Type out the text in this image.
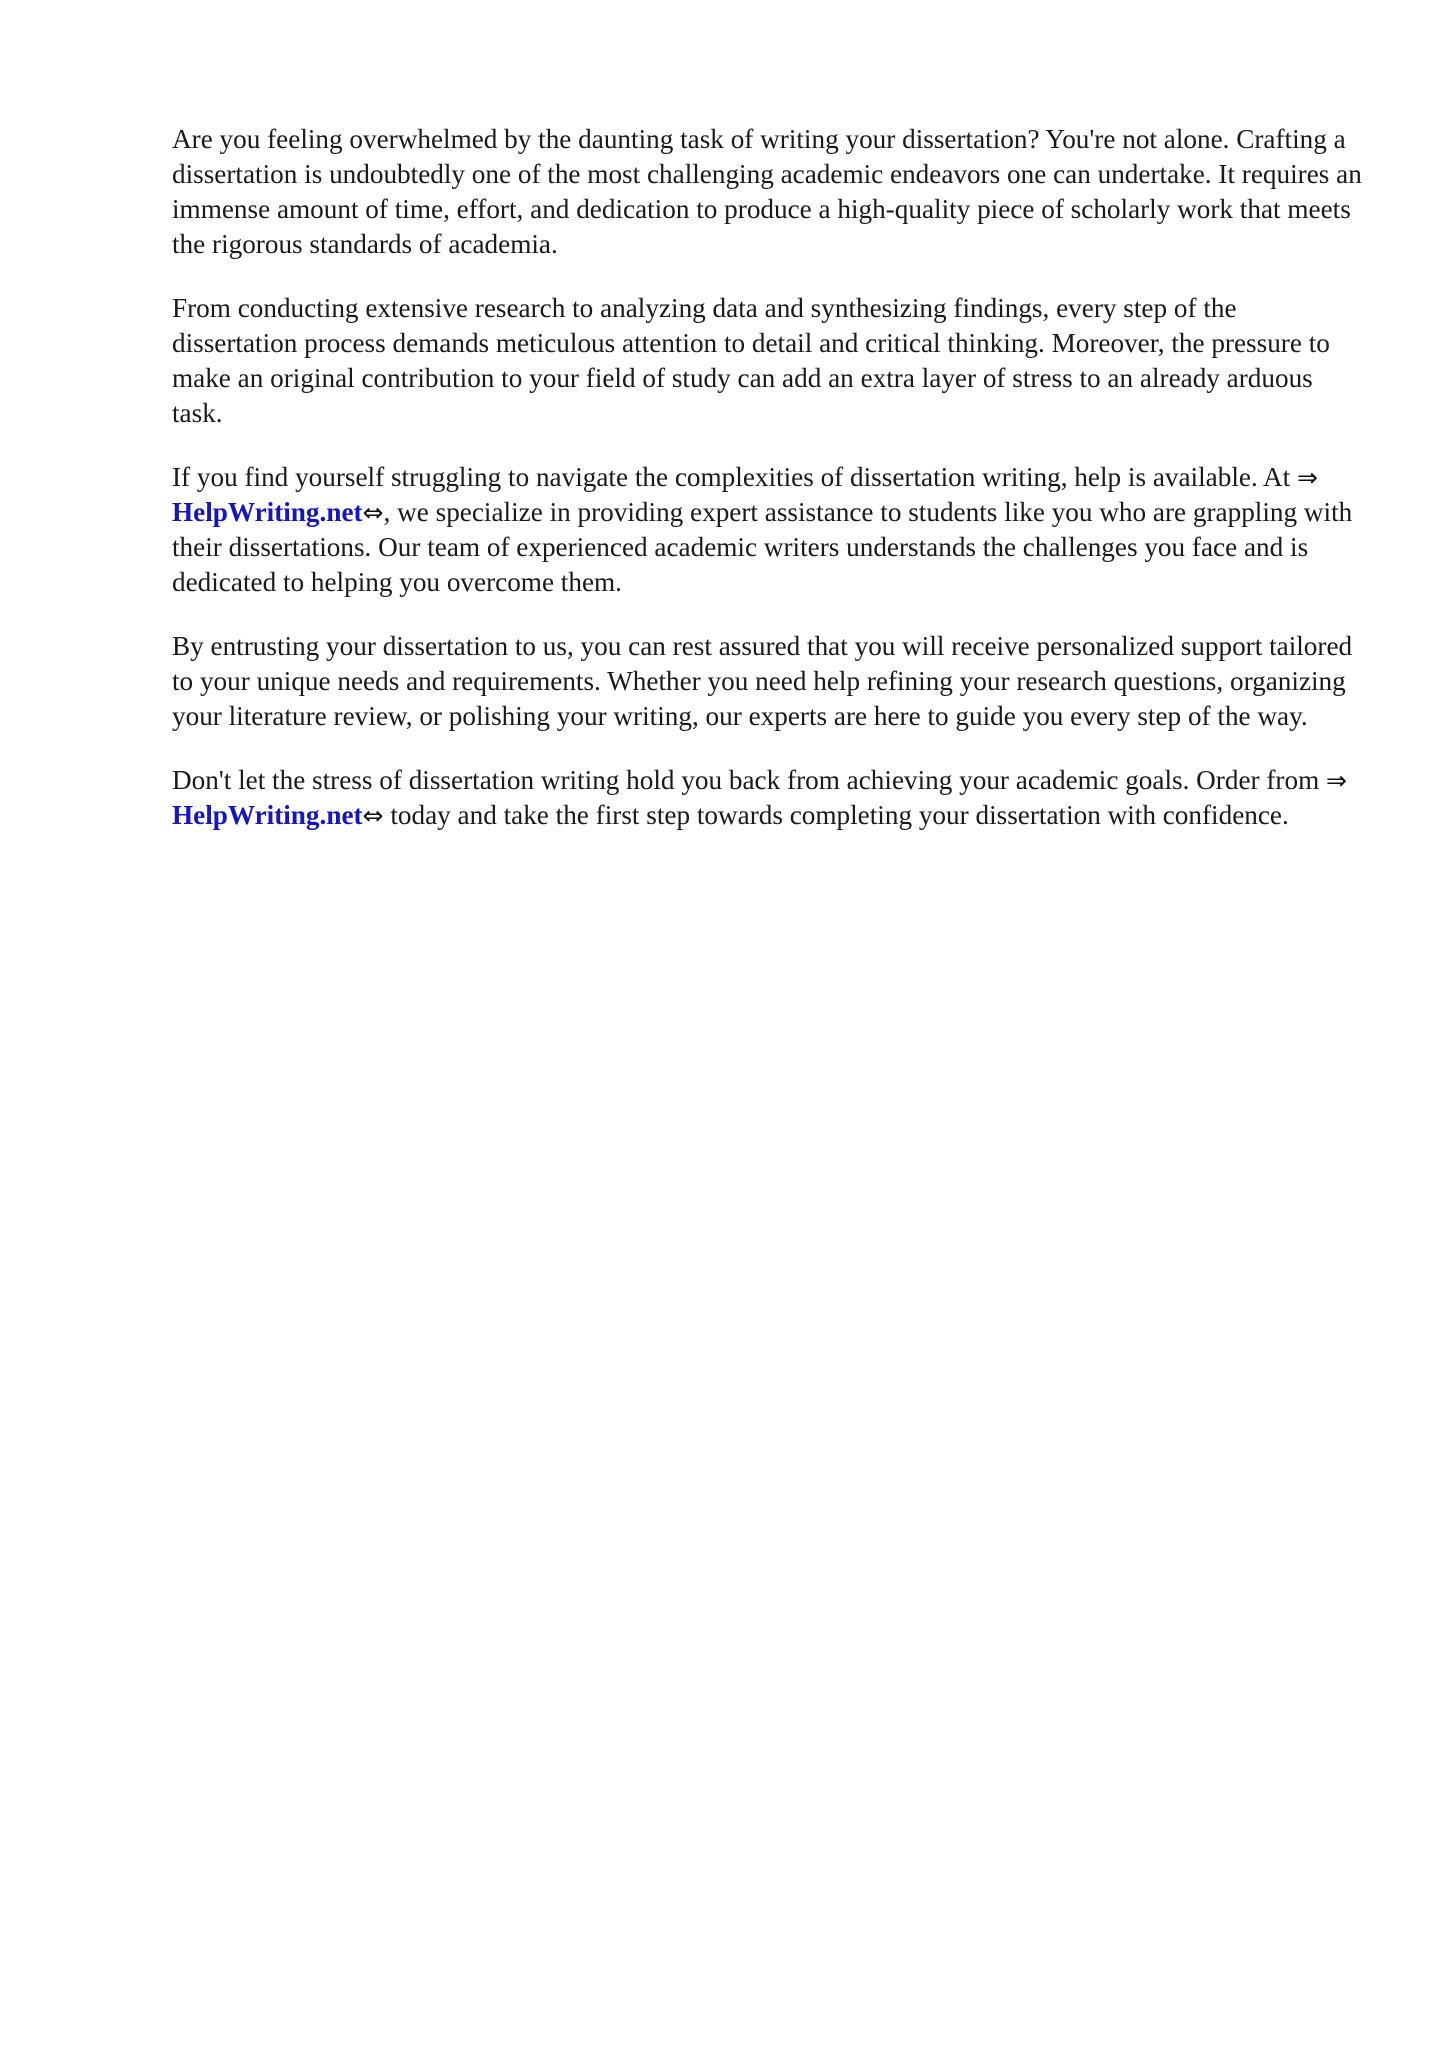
Are you feeling overwhelmed by the daunting task of writing your dissertation? You're not alone. Crafting a dissertation is undoubtedly one of the most challenging academic endeavors one can undertake. It requires an immense amount of time, effort, and dedication to produce a high-quality piece of scholarly work that meets the rigorous standards of academia.

From conducting extensive research to analyzing data and synthesizing findings, every step of the dissertation process demands meticulous attention to detail and critical thinking. Moreover, the pressure to make an original contribution to your field of study can add an extra layer of stress to an already arduous task.

If you find yourself struggling to navigate the complexities of dissertation writing, help is available. At ⇒ HelpWriting.net⇔, we specialize in providing expert assistance to students like you who are grappling with their dissertations. Our team of experienced academic writers understands the challenges you face and is dedicated to helping you overcome them.

By entrusting your dissertation to us, you can rest assured that you will receive personalized support tailored to your unique needs and requirements. Whether you need help refining your research questions, organizing your literature review, or polishing your writing, our experts are here to guide you every step of the way.

Don't let the stress of dissertation writing hold you back from achieving your academic goals. Order from ⇒ HelpWriting.net⇔ today and take the first step towards completing your dissertation with confidence.
